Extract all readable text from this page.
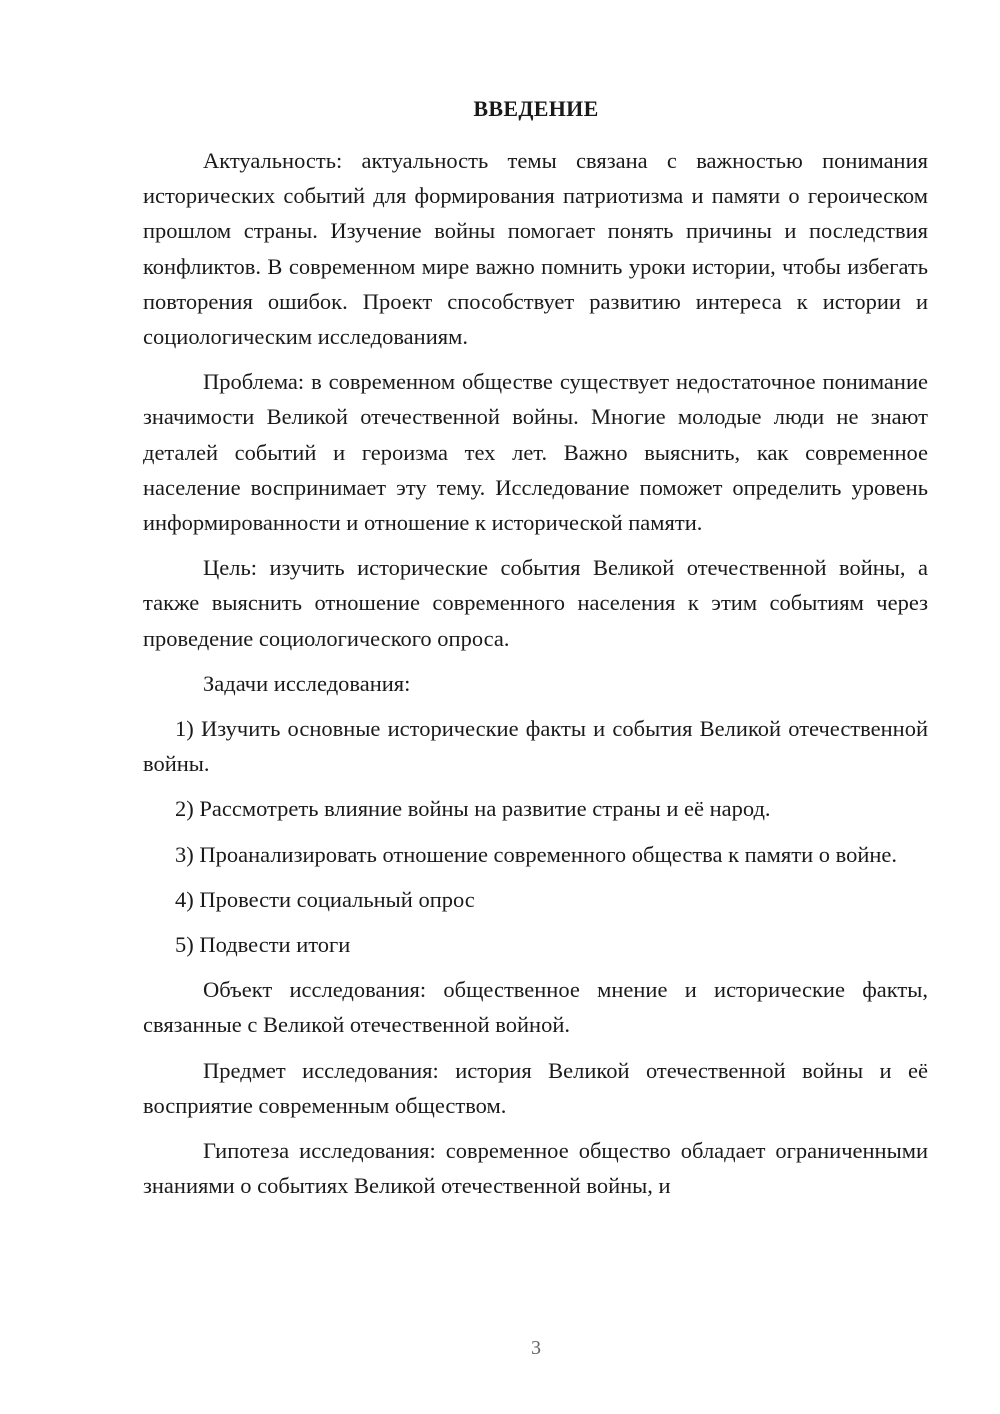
ВВЕДЕНИЕ

Актуальность: актуальность темы связана с важностью понимания исторических событий для формирования патриотизма и памяти о героическом прошлом страны. Изучение войны помогает понять причины и последствия конфликтов. В современном мире важно помнить уроки истории, чтобы избегать повторения ошибок. Проект способствует развитию интереса к истории и социологическим исследованиям.

Проблема: в современном обществе существует недостаточное понимание значимости Великой отечественной войны. Многие молодые люди не знают деталей событий и героизма тех лет. Важно выяснить, как современное население воспринимает эту тему. Исследование поможет определить уровень информированности и отношение к исторической памяти.

Цель: изучить исторические события Великой отечественной войны, а также выяснить отношение современного населения к этим событиям через проведение социологического опроса.

Задачи исследования:

1) Изучить основные исторические факты и события Великой отечественной войны.

2) Рассмотреть влияние войны на развитие страны и её народ.

3) Проанализировать отношение современного общества к памяти о войне.

4) Провести социальный опрос

5) Подвести итоги

Объект исследования: общественное мнение и исторические факты, связанные с Великой отечественной войной.

Предмет исследования: история Великой отечественной войны и её восприятие современным обществом.

Гипотеза исследования: современное общество обладает ограниченными знаниями о событиях Великой отечественной войны, и

3
